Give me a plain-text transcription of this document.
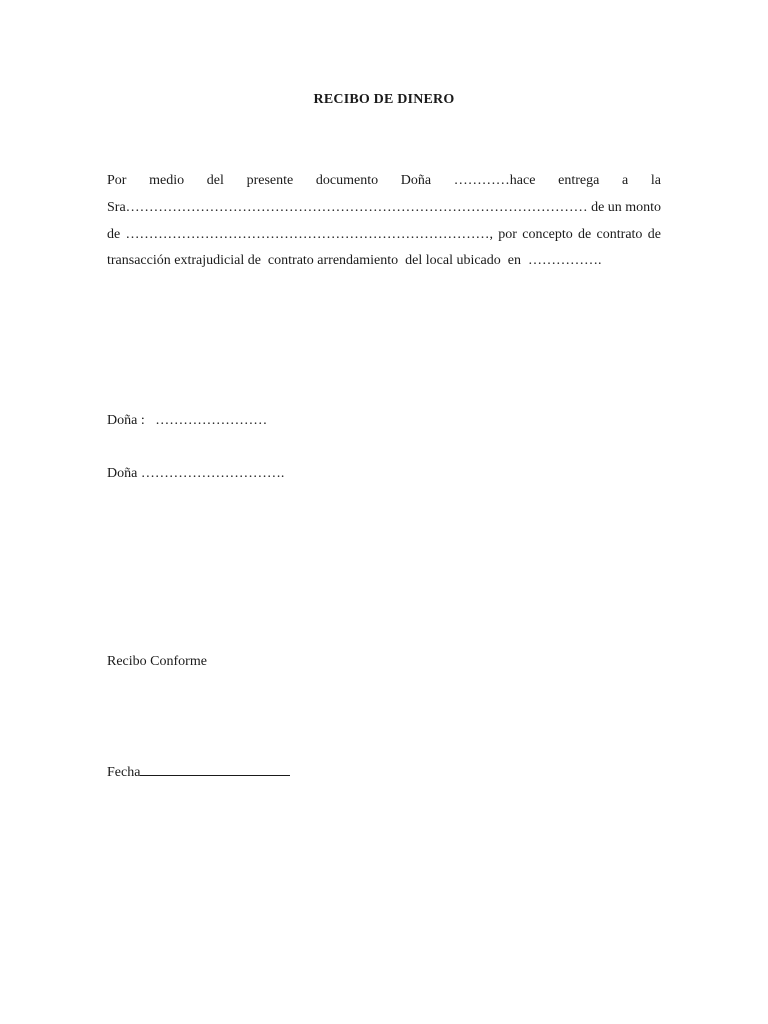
RECIBO DE DINERO
Por medio del presente documento Doña …………hace entrega a la
Sra……………………………………………………………………………………… de un monto
de ……………………………………………………………………, por concepto de contrato de
transacción extrajudicial de  contrato arrendamiento  del local ubicado  en  …………….
Doña :   ……………………
Doña ………………………….
Recibo Conforme
Fecha
